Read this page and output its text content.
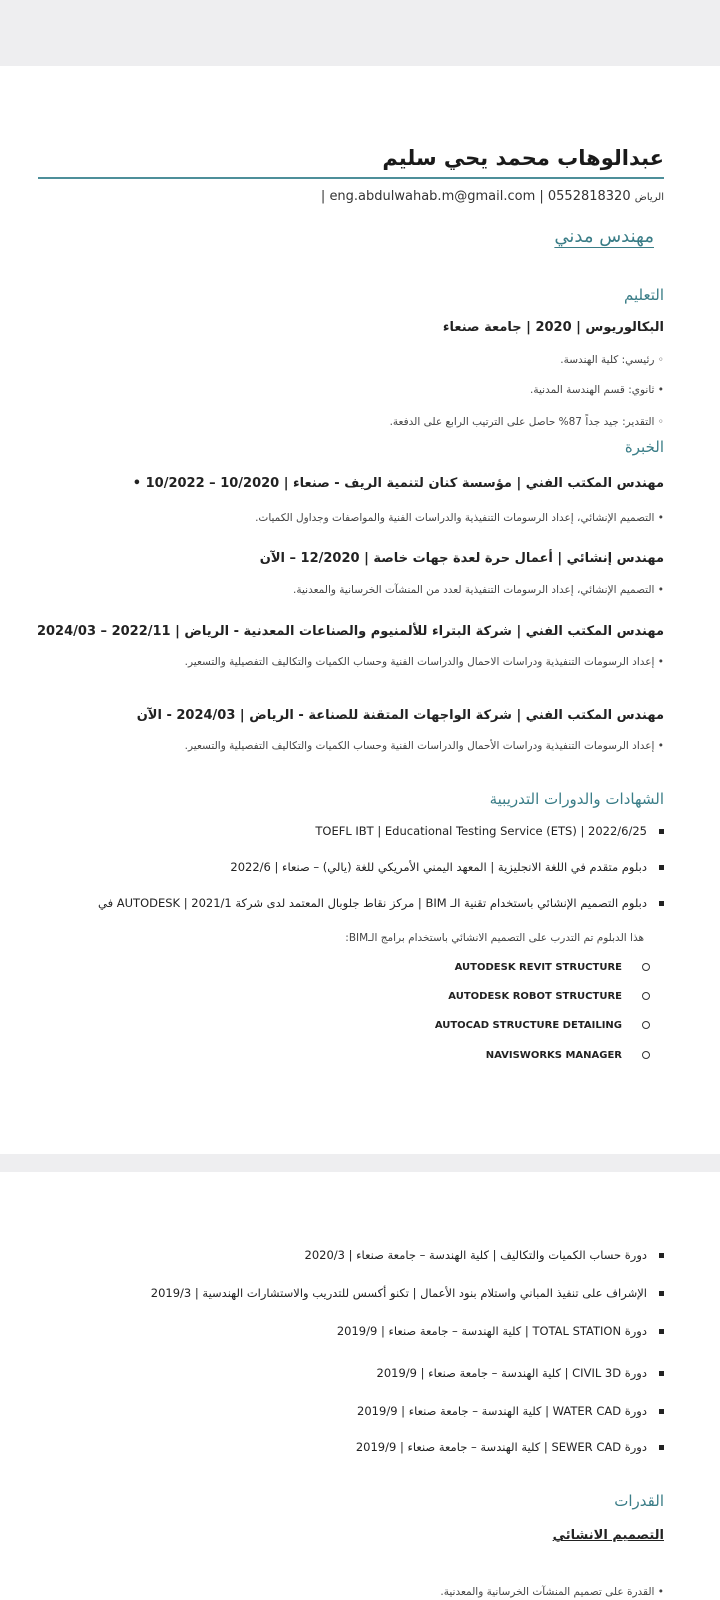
عبدالوهاب محمد يحي سليم
الرياض eng.abdulwahab.m@gmail.com | 0552818320 |
مهندس مدني
التعليم
البكالوريوس | 2020 | جامعة صنعاء
◦ رئيسي: كلية الهندسة.
• ثانوي: قسم الهندسة المدنية.
◦ التقدير: جيد جداً 87% حاصل على الترتيب الرابع على الدفعة.
الخبرة
مهندس المكتب الفني | مؤسسة كنان لتنمية الريف - صنعاء | 10/2020 – 10/2022 •
• التصميم الإنشائي، إعداد الرسومات التنفيذية والدراسات الفنية والمواصفات وجداول الكميات.
مهندس إنشائي | أعمال حرة لعدة جهات خاصة | 12/2020 – الآن
• التصميم الإنشائي، إعداد الرسومات التنفيذية لعدد من المنشآت الخرسانية والمعدنية.
مهندس المكتب الفني | شركة البتراء للألمنيوم والصناعات المعدنية - الرياض | 2022/11 – 2024/03
• إعداد الرسومات التنفيذية ودراسات الاحمال والدراسات الفنية وحساب الكميات والتكاليف التفصيلية والتسعير.
مهندس المكتب الفني | شركة الواجهات المتقنة للصناعة - الرياض | 2024/03 - الآن
• إعداد الرسومات التنفيذية ودراسات الأحمال والدراسات الفنية وحساب الكميات والتكاليف التفصيلية والتسعير.
الشهادات والدورات التدريبية
TOEFL IBT | Educational Testing Service (ETS) | 2022/6/25
دبلوم متقدم في اللغة الانجليزية | المعهد اليمني الأمريكي للغة (يالي) – صنعاء | 2022/6
دبلوم التصميم الإنشائي باستخدام تقنية الـ BIM | مركز نقاط جلوبال المعتمد لدى شركة AUTODESK | 2021/1 في
هذا الدبلوم تم التدرب على التصميم الانشائي باستخدام برامج الـBIM:
AUTODESK REVIT STRUCTURE
AUTODESK ROBOT STRUCTURE
AUTOCAD STRUCTURE DETAILING
NAVISWORKS MANAGER
دورة حساب الكميات والتكاليف | كلية الهندسة – جامعة صنعاء | 2020/3
الإشراف على تنفيذ المباني واستلام بنود الأعمال | تكنو أكسس للتدريب والاستشارات الهندسية | 2019/3
دورة TOTAL STATION | كلية الهندسة – جامعة صنعاء | 2019/9
دورة CIVIL 3D | كلية الهندسة – جامعة صنعاء | 2019/9
دورة WATER CAD | كلية الهندسة – جامعة صنعاء | 2019/9
دورة SEWER CAD | كلية الهندسة – جامعة صنعاء | 2019/9
القدرات
التصميم الانشائي
• القدرة على تصميم المنشآت الخرسانية والمعدنية.
